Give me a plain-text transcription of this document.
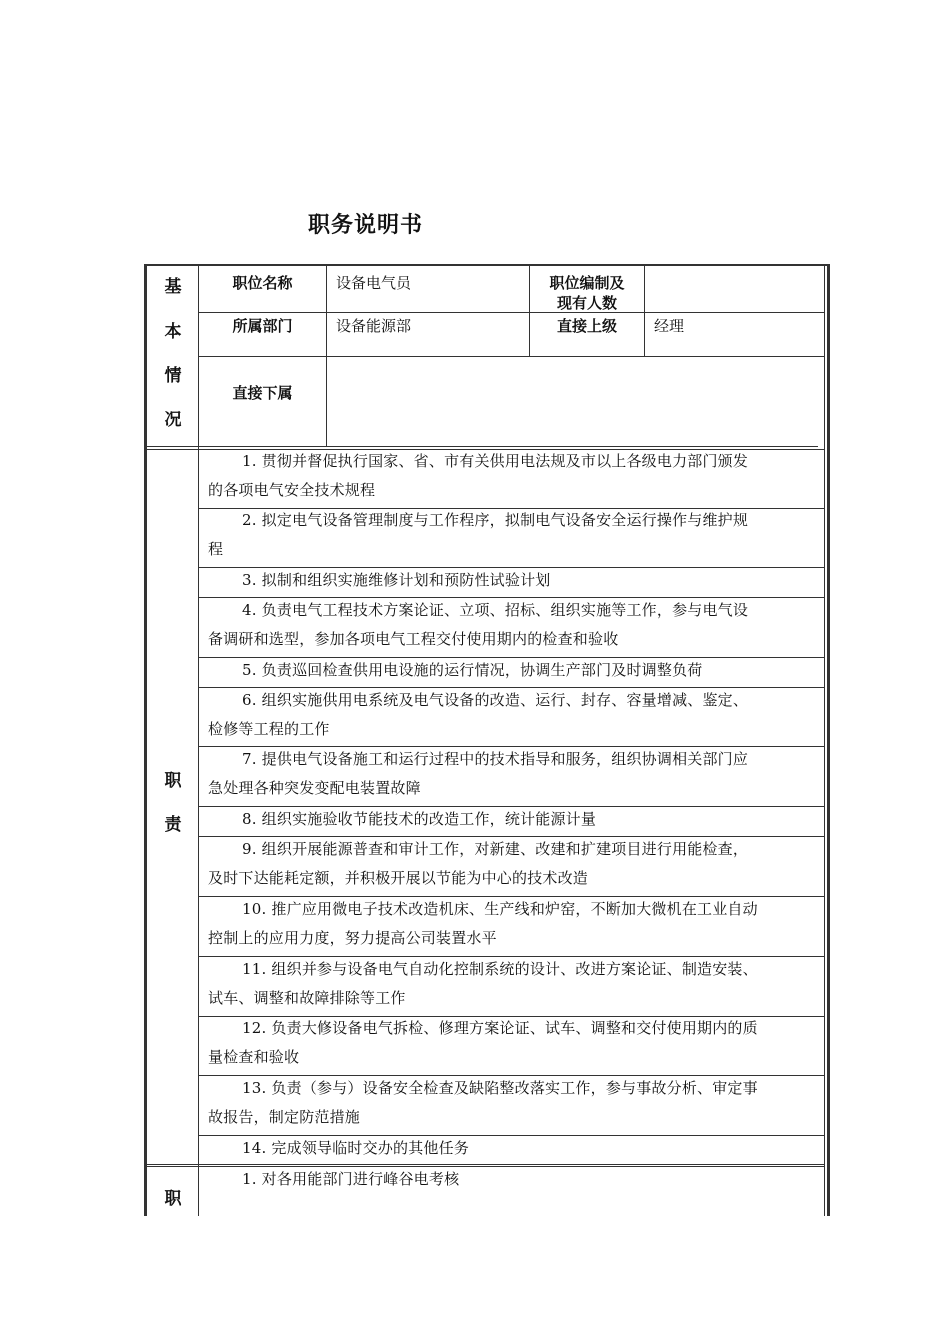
职务说明书
基
本
情
况
职位名称	设备电气员	职位编制及
现有人数
所属部门	设备能源部	直接上级	经理
直接下属
职
责
1. 贯彻并督促执行国家、省、市有关供用电法规及市以上各级电力部门颁发
的各项电气安全技术规程
2. 拟定电气设备管理制度与工作程序，拟制电气设备安全运行操作与维护规
程
3. 拟制和组织实施维修计划和预防性试验计划
4. 负责电气工程技术方案论证、立项、招标、组织实施等工作，参与电气设
备调研和选型，参加各项电气工程交付使用期内的检查和验收
5. 负责巡回检查供用电设施的运行情况，协调生产部门及时调整负荷
6. 组织实施供用电系统及电气设备的改造、运行、封存、容量增减、鉴定、
检修等工程的工作
7. 提供电气设备施工和运行过程中的技术指导和服务，组织协调相关部门应
急处理各种突发变配电装置故障
8. 组织实施验收节能技术的改造工作，统计能源计量
9. 组织开展能源普查和审计工作，对新建、改建和扩建项目进行用能检查，
及时下达能耗定额，并积极开展以节能为中心的技术改造
10. 推广应用微电子技术改造机床、生产线和炉窑，不断加大微机在工业自动
控制上的应用力度，努力提高公司装置水平
11. 组织并参与设备电气自动化控制系统的设计、改进方案论证、制造安装、
试车、调整和故障排除等工作
12. 负责大修设备电气拆检、修理方案论证、试车、调整和交付使用期内的质
量检查和验收
13. 负责（参与）设备安全检查及缺陷整改落实工作，参与事故分析、审定事
故报告，制定防范措施
14. 完成领导临时交办的其他任务
职
1. 对各用能部门进行峰谷电考核
